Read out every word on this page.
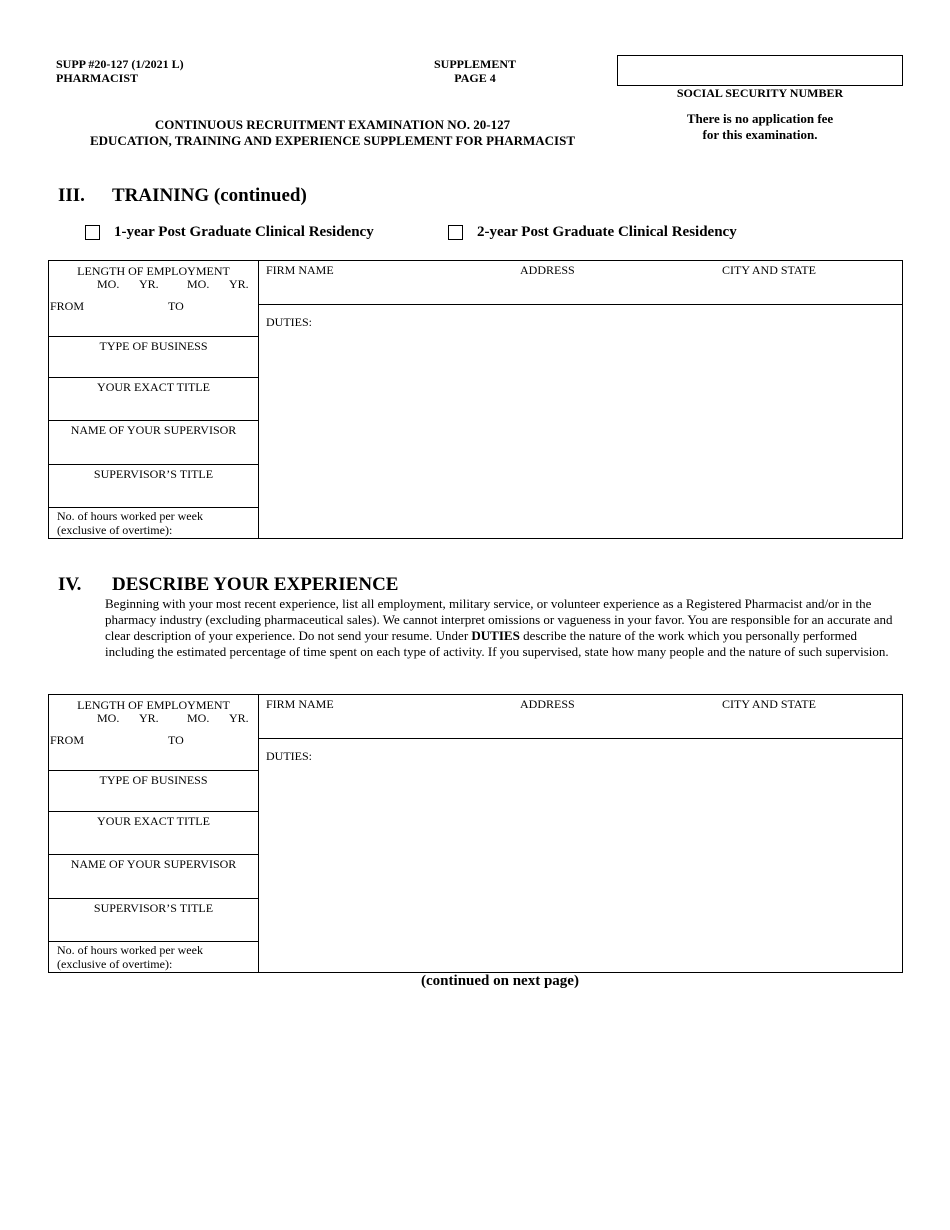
SUPP #20-127 (1/2021 L)
PHARMACIST
SUPPLEMENT
PAGE 4
SOCIAL SECURITY NUMBER
CONTINUOUS RECRUITMENT EXAMINATION NO. 20-127
EDUCATION, TRAINING AND EXPERIENCE SUPPLEMENT FOR PHARMACIST
There is no application fee
for this examination.
III. TRAINING (continued)
1-year Post Graduate Clinical Residency	2-year Post Graduate Clinical Residency
LENGTH OF EMPLOYMENT
MO. YR. MO. YR.
FROM	TO
TYPE OF BUSINESS
YOUR EXACT TITLE
NAME OF YOUR SUPERVISOR
SUPERVISOR’S TITLE
No. of hours worked per week
(exclusive of overtime):
FIRM NAME	ADDRESS	CITY AND STATE
DUTIES:
IV. DESCRIBE YOUR EXPERIENCE
Beginning with your most recent experience, list all employment, military service, or volunteer experience as a Registered Pharmacist and/or in the pharmacy industry (excluding pharmaceutical sales). We cannot interpret omissions or vagueness in your favor. You are responsible for an accurate and clear description of your experience. Do not send your resume. Under DUTIES describe the nature of the work which you personally performed including the estimated percentage of time spent on each type of activity. If you supervised, state how many people and the nature of such supervision.
LENGTH OF EMPLOYMENT
MO. YR. MO. YR.
FROM	TO
TYPE OF BUSINESS
YOUR EXACT TITLE
NAME OF YOUR SUPERVISOR
SUPERVISOR’S TITLE
No. of hours worked per week
(exclusive of overtime):
FIRM NAME	ADDRESS	CITY AND STATE
DUTIES:
(continued on next page)
